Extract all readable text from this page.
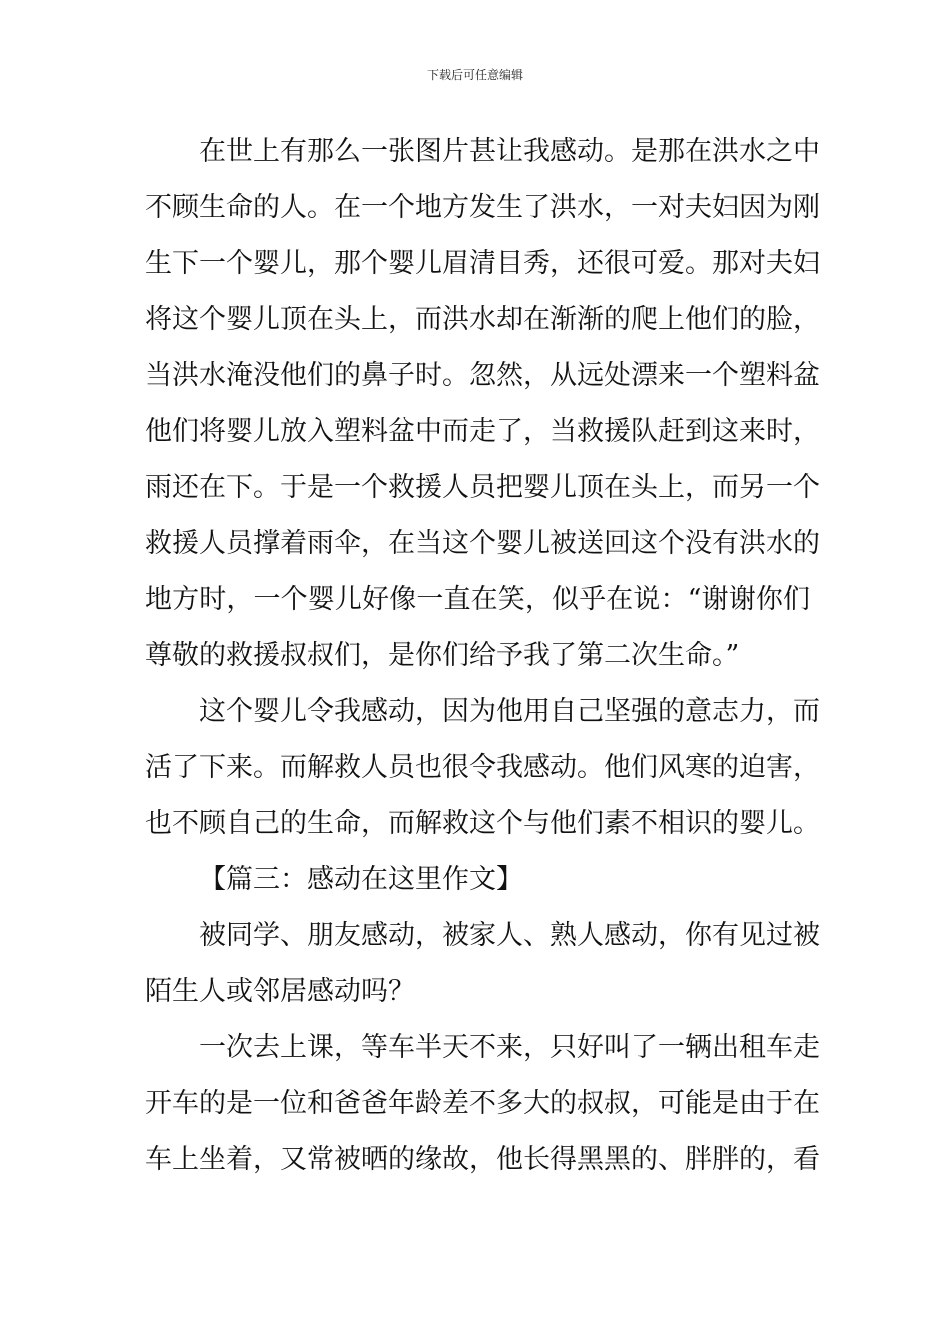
下载后可任意编辑
在世上有那么一张图片甚让我感动。是那在洪水之中
不顾生命的人。在一个地方发生了洪水，一对夫妇因为刚
生下一个婴儿，那个婴儿眉清目秀，还很可爱。那对夫妇
将这个婴儿顶在头上，而洪水却在渐渐的爬上他们的脸，
当洪水淹没他们的鼻子时。忽然，从远处漂来一个塑料盆
他们将婴儿放入塑料盆中而走了，当救援队赶到这来时，
雨还在下。于是一个救援人员把婴儿顶在头上，而另一个
救援人员撑着雨伞，在当这个婴儿被送回这个没有洪水的
地方时，一个婴儿好像一直在笑，似乎在说：“谢谢你们
尊敬的救援叔叔们，是你们给予我了第二次生命。”
这个婴儿令我感动，因为他用自己坚强的意志力，而
活了下来。而解救人员也很令我感动。他们风寒的迫害，
也不顾自己的生命，而解救这个与他们素不相识的婴儿。
【篇三：感动在这里作文】
被同学、朋友感动，被家人、熟人感动，你有见过被
陌生人或邻居感动吗？
一次去上课，等车半天不来，只好叫了一辆出租车走
开车的是一位和爸爸年龄差不多大的叔叔，可能是由于在
车上坐着，又常被晒的缘故，他长得黑黑的、胖胖的，看
